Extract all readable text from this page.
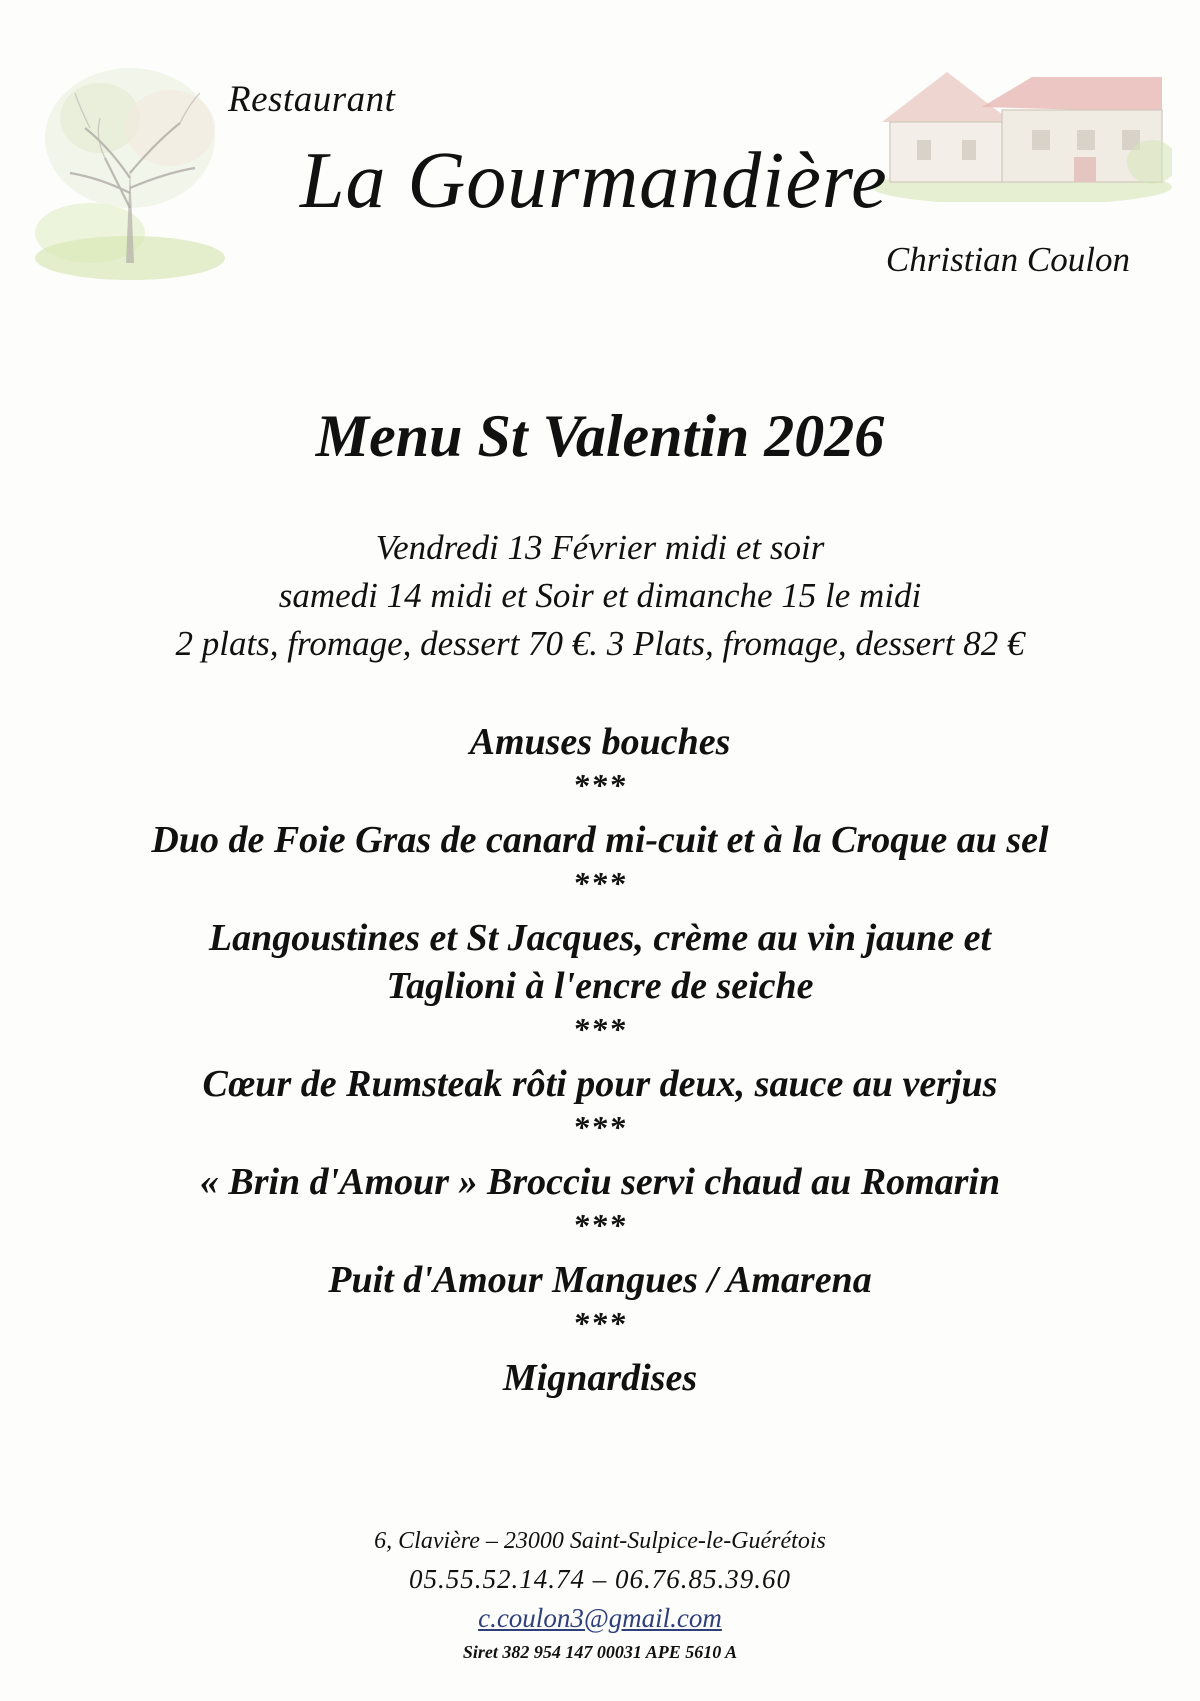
Restaurant
La Gourmandière
Christian Coulon
Menu St Valentin 2026
Vendredi 13 Février midi et soir
samedi 14 midi et Soir et dimanche 15 le midi
2 plats, fromage, dessert 70 €. 3 Plats, fromage, dessert 82 €
Amuses bouches
***
Duo de Foie Gras de canard mi-cuit et à la Croque au sel
***
Langoustines et St Jacques, crème au vin jaune et
Taglioni à l'encre de seiche
***
Cœur de Rumsteak rôti pour deux, sauce au verjus
***
« Brin d'Amour » Brocciu servi chaud au Romarin
***
Puit d'Amour Mangues / Amarena
***
Mignardises
6, Clavière – 23000 Saint-Sulpice-le-Guérétois
05.55.52.14.74 – 06.76.85.39.60
c.coulon3@gmail.com
Siret 382 954 147 00031 APE 5610 A
